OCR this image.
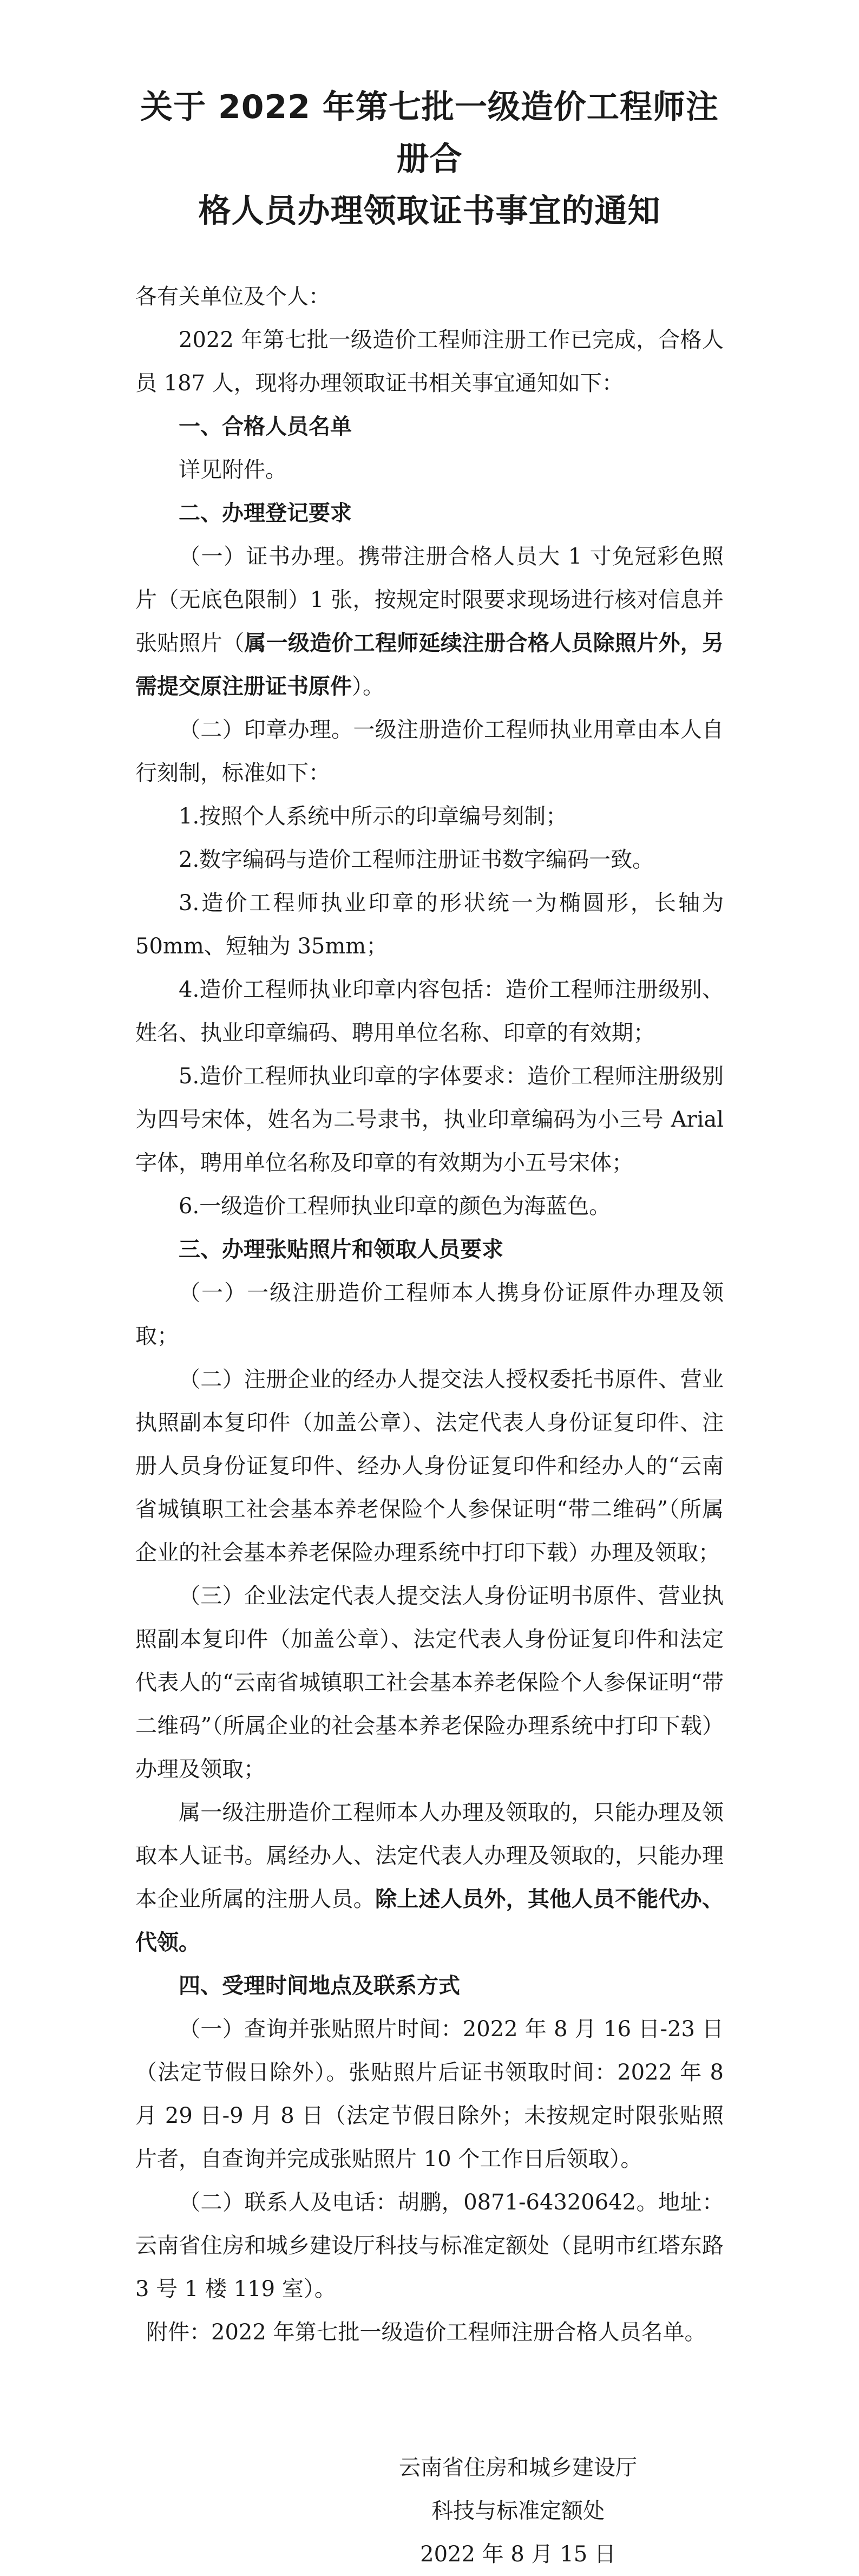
关于 2022 年第七批一级造价工程师注册合
格人员办理领取证书事宜的通知

各有关单位及个人：

2022 年第七批一级造价工程师注册工作已完成，合格人员 187 人，现将办理领取证书相关事宜通知如下：

一、合格人员名单

详见附件。

二、办理登记要求

（一）证书办理。携带注册合格人员大 1 寸免冠彩色照片（无底色限制）1 张，按规定时限要求现场进行核对信息并张贴照片（属一级造价工程师延续注册合格人员除照片外，另需提交原注册证书原件）。

（二）印章办理。一级注册造价工程师执业用章由本人自行刻制，标准如下：

1.按照个人系统中所示的印章编号刻制；

2.数字编码与造价工程师注册证书数字编码一致。

3.造价工程师执业印章的形状统一为椭圆形，长轴为 50mm、短轴为 35mm；

4.造价工程师执业印章内容包括：造价工程师注册级别、姓名、执业印章编码、聘用单位名称、印章的有效期；

5.造价工程师执业印章的字体要求：造价工程师注册级别为四号宋体，姓名为二号隶书，执业印章编码为小三号 Arial 字体，聘用单位名称及印章的有效期为小五号宋体；

6.一级造价工程师执业印章的颜色为海蓝色。

三、办理张贴照片和领取人员要求

（一）一级注册造价工程师本人携身份证原件办理及领取；

（二）注册企业的经办人提交法人授权委托书原件、营业执照副本复印件（加盖公章）、法定代表人身份证复印件、注册人员身份证复印件、经办人身份证复印件和经办人的“云南省城镇职工社会基本养老保险个人参保证明“带二维码”（所属企业的社会基本养老保险办理系统中打印下载）办理及领取；

（三）企业法定代表人提交法人身份证明书原件、营业执照副本复印件（加盖公章）、法定代表人身份证复印件和法定代表人的“云南省城镇职工社会基本养老保险个人参保证明“带二维码”（所属企业的社会基本养老保险办理系统中打印下载）办理及领取；

属一级注册造价工程师本人办理及领取的，只能办理及领取本人证书。属经办人、法定代表人办理及领取的，只能办理本企业所属的注册人员。除上述人员外，其他人员不能代办、代领。

四、受理时间地点及联系方式

（一）查询并张贴照片时间：2022 年 8 月 16 日-23 日（法定节假日除外）。张贴照片后证书领取时间：2022 年 8 月 29 日-9 月 8 日（法定节假日除外；未按规定时限张贴照片者，自查询并完成张贴照片 10 个工作日后领取）。

（二）联系人及电话：胡鹏，0871-64320642。地址：云南省住房和城乡建设厅科技与标准定额处（昆明市红塔东路 3 号 1 楼 119 室）。

附件：2022 年第七批一级造价工程师注册合格人员名单。

云南省住房和城乡建设厅
科技与标准定额处
2022 年 8 月 15 日
